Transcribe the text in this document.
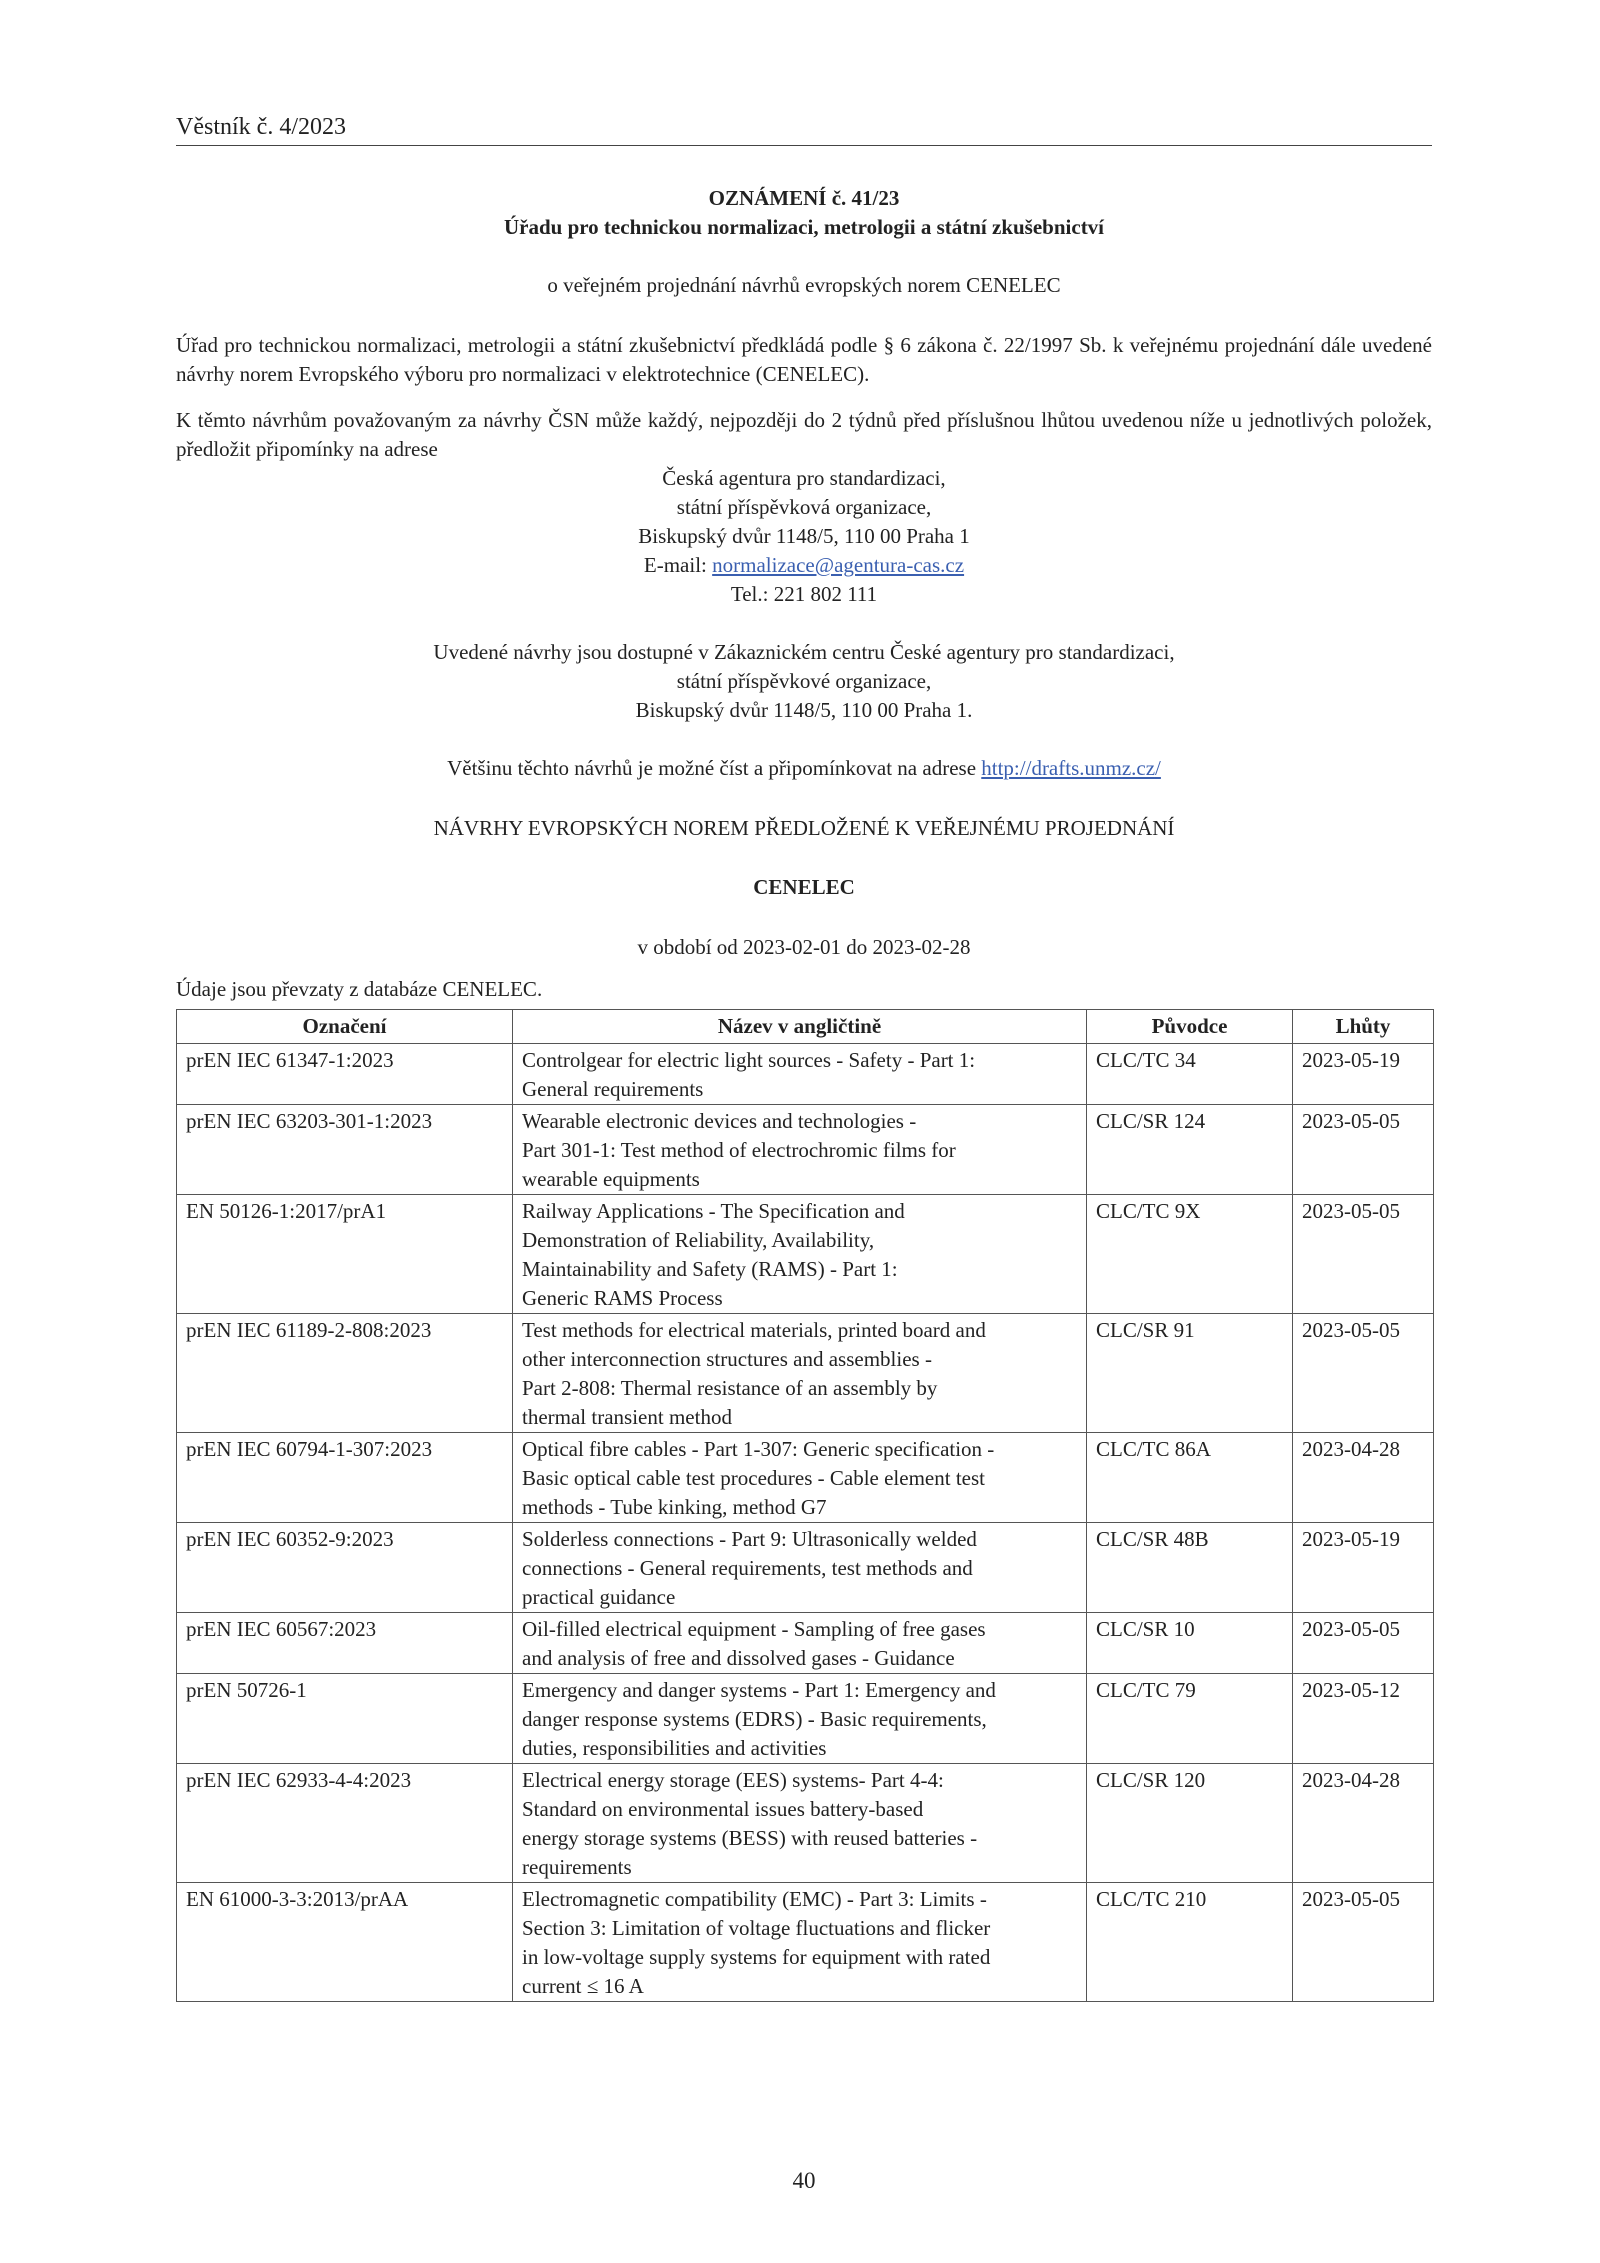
Věstník č. 4/2023
OZNÁMENÍ č. 41/23
Úřadu pro technickou normalizaci, metrologii a státní zkušebnictví
o veřejném projednání návrhů evropských norem CENELEC
Úřad pro technickou normalizaci, metrologii a státní zkušebnictví předkládá podle § 6 zákona č. 22/1997 Sb. k veřejnému projednání dále uvedené návrhy norem Evropského výboru pro normalizaci v elektrotechnice (CENELEC).
K těmto návrhům považovaným za návrhy ČSN může každý, nejpozději do 2 týdnů před příslušnou lhůtou uvedenou níže u jednotlivých položek, předložit připomínky na adrese
Česká agentura pro standardizaci,
státní příspěvková organizace,
Biskupský dvůr 1148/5, 110 00 Praha 1
E-mail: normalizace@agentura-cas.cz
Tel.: 221 802 111
Uvedené návrhy jsou dostupné v Zákaznickém centru České agentury pro standardizaci,
státní příspěvkové organizace,
Biskupský dvůr 1148/5, 110 00 Praha 1.
Většinu těchto návrhů je možné číst a připomínkovat na adrese http://drafts.unmz.cz/
NÁVRHY EVROPSKÝCH NOREM PŘEDLOŽENÉ K VEŘEJNÉMU PROJEDNÁNÍ
CENELEC
v období od 2023-02-01 do 2023-02-28
Údaje jsou převzaty z databáze CENELEC.
Označení	Název v angličtině	Původce	Lhůty
prEN IEC 61347-1:2023	Controlgear for electric light sources - Safety - Part 1:
General requirements	CLC/TC 34	2023-05-19
prEN IEC 63203-301-1:2023	Wearable electronic devices and technologies -
Part 301-1: Test method of electrochromic films for
wearable equipments	CLC/SR 124	2023-05-05
EN 50126-1:2017/prA1	Railway Applications - The Specification and
Demonstration of Reliability, Availability,
Maintainability and Safety (RAMS) - Part 1:
Generic RAMS Process	CLC/TC 9X	2023-05-05
prEN IEC 61189-2-808:2023	Test methods for electrical materials, printed board and
other interconnection structures and assemblies -
Part 2-808: Thermal resistance of an assembly by
thermal transient method	CLC/SR 91	2023-05-05
prEN IEC 60794-1-307:2023	Optical fibre cables - Part 1-307: Generic specification -
Basic optical cable test procedures - Cable element test
methods - Tube kinking, method G7	CLC/TC 86A	2023-04-28
prEN IEC 60352-9:2023	Solderless connections - Part 9: Ultrasonically welded
connections - General requirements, test methods and
practical guidance	CLC/SR 48B	2023-05-19
prEN IEC 60567:2023	Oil-filled electrical equipment - Sampling of free gases
and analysis of free and dissolved gases - Guidance	CLC/SR 10	2023-05-05
prEN 50726-1	Emergency and danger systems - Part 1: Emergency and
danger response systems (EDRS) - Basic requirements,
duties, responsibilities and activities	CLC/TC 79	2023-05-12
prEN IEC 62933-4-4:2023	Electrical energy storage (EES) systems- Part 4-4:
Standard on environmental issues battery-based
energy storage systems (BESS) with reused batteries -
requirements	CLC/SR 120	2023-04-28
EN 61000-3-3:2013/prAA	Electromagnetic compatibility (EMC) - Part 3: Limits -
Section 3: Limitation of voltage fluctuations and flicker
in low-voltage supply systems for equipment with rated
current ≤ 16 A	CLC/TC 210	2023-05-05
40
